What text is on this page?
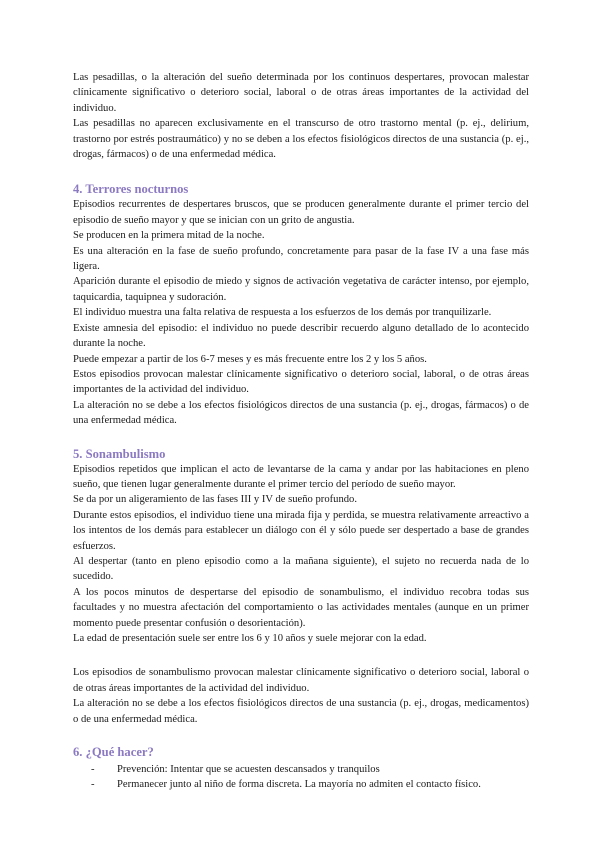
Las pesadillas, o la alteración del sueño determinada por los continuos despertares, provocan malestar clínicamente significativo o deterioro social, laboral o de otras áreas importantes de la actividad del individuo.

Las pesadillas no aparecen exclusivamente en el transcurso de otro trastorno mental (p. ej., delirium, trastorno por estrés postraumático) y no se deben a los efectos fisiológicos directos de una sustancia (p. ej., drogas, fármacos) o de una enfermedad médica.

4. Terrores nocturnos

Episodios recurrentes de despertares bruscos, que se producen generalmente durante el primer tercio del episodio de sueño mayor y que se inician con un grito de angustia.

Se producen en la primera mitad de la noche.

Es una alteración en la fase de sueño profundo, concretamente para pasar de la fase IV a una fase más ligera.

Aparición durante el episodio de miedo y signos de activación vegetativa de carácter intenso, por ejemplo, taquicardia, taquipnea y sudoración.

El individuo muestra una falta relativa de respuesta a los esfuerzos de los demás por tranquilizarle.

Existe amnesia del episodio: el individuo no puede describir recuerdo alguno detallado de lo acontecido durante la noche.

Puede empezar a partir de los 6-7 meses y es más frecuente entre los 2 y los 5 años.

Estos episodios provocan malestar clínicamente significativo o deterioro social, laboral, o de otras áreas importantes de la actividad del individuo.

La alteración no se debe a los efectos fisiológicos directos de una sustancia (p. ej., drogas, fármacos) o de una enfermedad médica.

5. Sonambulismo

Episodios repetidos que implican el acto de levantarse de la cama y andar por las habitaciones en pleno sueño, que tienen lugar generalmente durante el primer tercio del período de sueño mayor.

Se da por un aligeramiento de las fases III y IV de sueño profundo.

Durante estos episodios, el individuo tiene una mirada fija y perdida, se muestra relativamente arreactivo a los intentos de los demás para establecer un diálogo con él y sólo puede ser despertado a base de grandes esfuerzos.

Al despertar (tanto en pleno episodio como a la mañana siguiente), el sujeto no recuerda nada de lo sucedido.

A los pocos minutos de despertarse del episodio de sonambulismo, el individuo recobra todas sus facultades y no muestra afectación del comportamiento o las actividades mentales (aunque en un primer momento puede presentar confusión o desorientación).

La edad de presentación suele ser entre los 6 y 10 años y suele mejorar con la edad.

Los episodios de sonambulismo provocan malestar clínicamente significativo o deterioro social, laboral o de otras áreas importantes de la actividad del individuo.

La alteración no se debe a los efectos fisiológicos directos de una sustancia (p. ej., drogas, medicamentos) o de una enfermedad médica.

6. ¿Qué hacer?
- Prevención: Intentar que se acuesten descansados y tranquilos
- Permanecer junto al niño de forma discreta. La mayoría no admiten el contacto físico.
